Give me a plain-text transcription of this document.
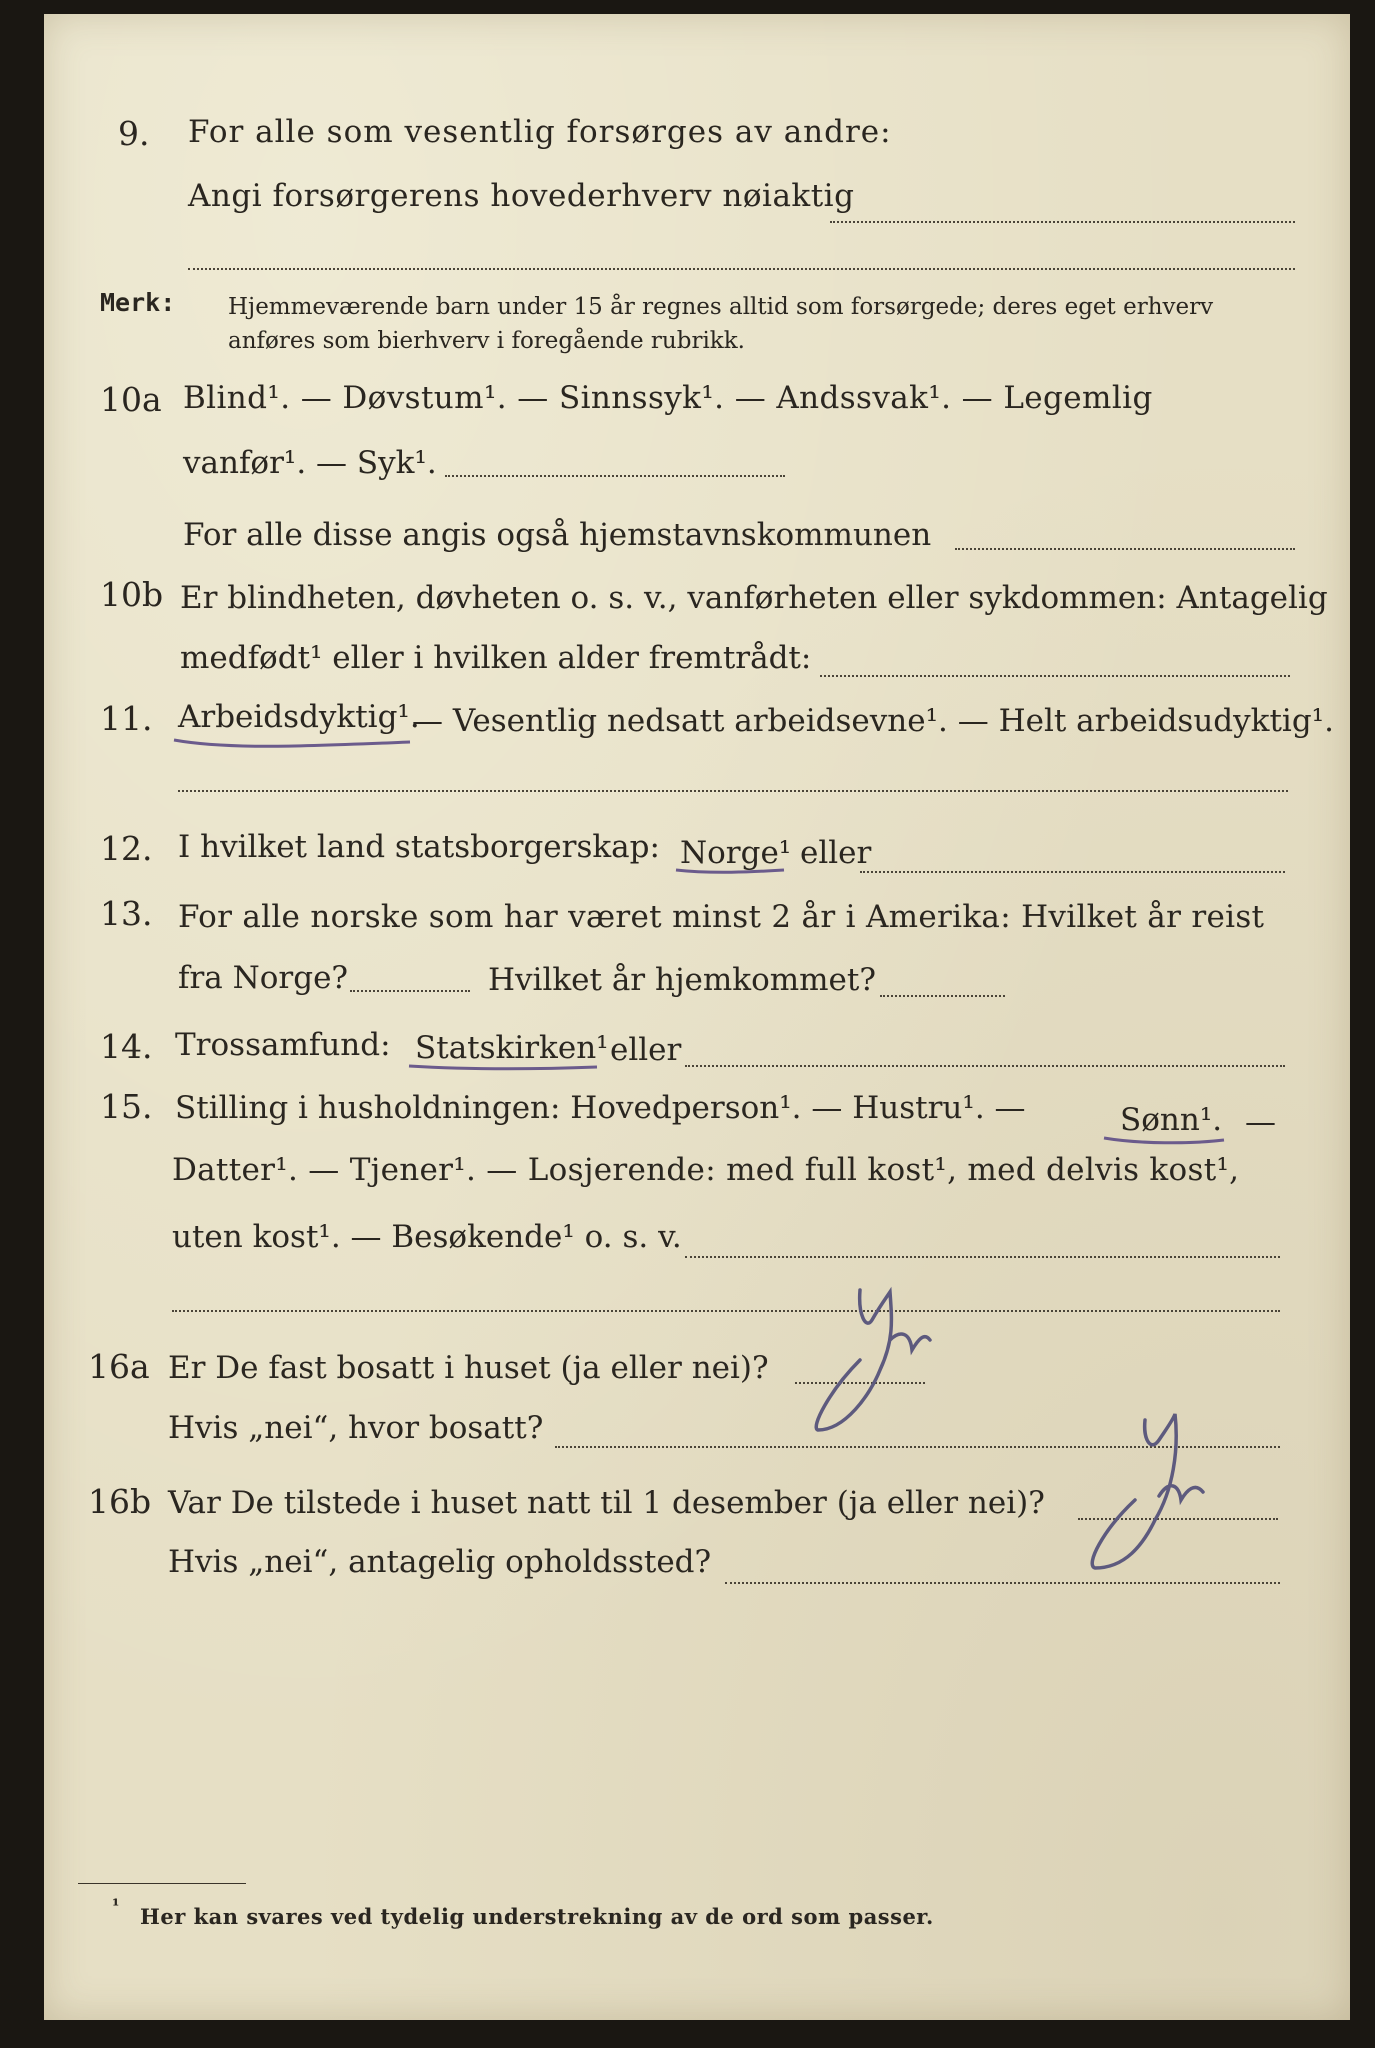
9. For alle som vesentlig forsørges av andre:
Angi forsørgerens hovederhverv nøiaktig
Merk: Hjemmeværende barn under 15 år regnes alltid som forsørgede; deres eget erhverv
anføres som bierhverv i foregående rubrikk.
10a Blind¹. — Døvstum¹. — Sinnssyk¹. — Andssvak¹. — Legemlig
vanfør¹. — Syk¹.
For alle disse angis også hjemstavnskommunen
10b Er blindheten, døvheten o. s. v., vanførheten eller sykdommen: Antagelig
medfødt¹ eller i hvilken alder fremtrådt:
11. Arbeidsdyktig¹.
— Vesentlig nedsatt arbeidsevne¹. — Helt arbeidsudyktig¹.
12. I hvilket land statsborgerskap: Norge¹ eller
13. For alle norske som har været minst 2 år i Amerika: Hvilket år reist
fra Norge?	Hvilket år hjemkommet?
14. Trossamfund: Statskirken¹ eller
15. Stilling i husholdningen: Hovedperson¹. — Hustru¹. —	Sønn¹. —
Datter¹. — Tjener¹. — Losjerende: med full kost¹, med delvis kost¹,
uten kost¹. — Besøkende¹ o. s. v.
16a Er De fast bosatt i huset (ja eller nei)?
Hvis „nei“, hvor bosatt?
16b Var De tilstede i huset natt til 1 desember (ja eller nei)?
Hvis „nei“, antagelig opholdssted?
¹ Her kan svares ved tydelig understrekning av de ord som passer.
